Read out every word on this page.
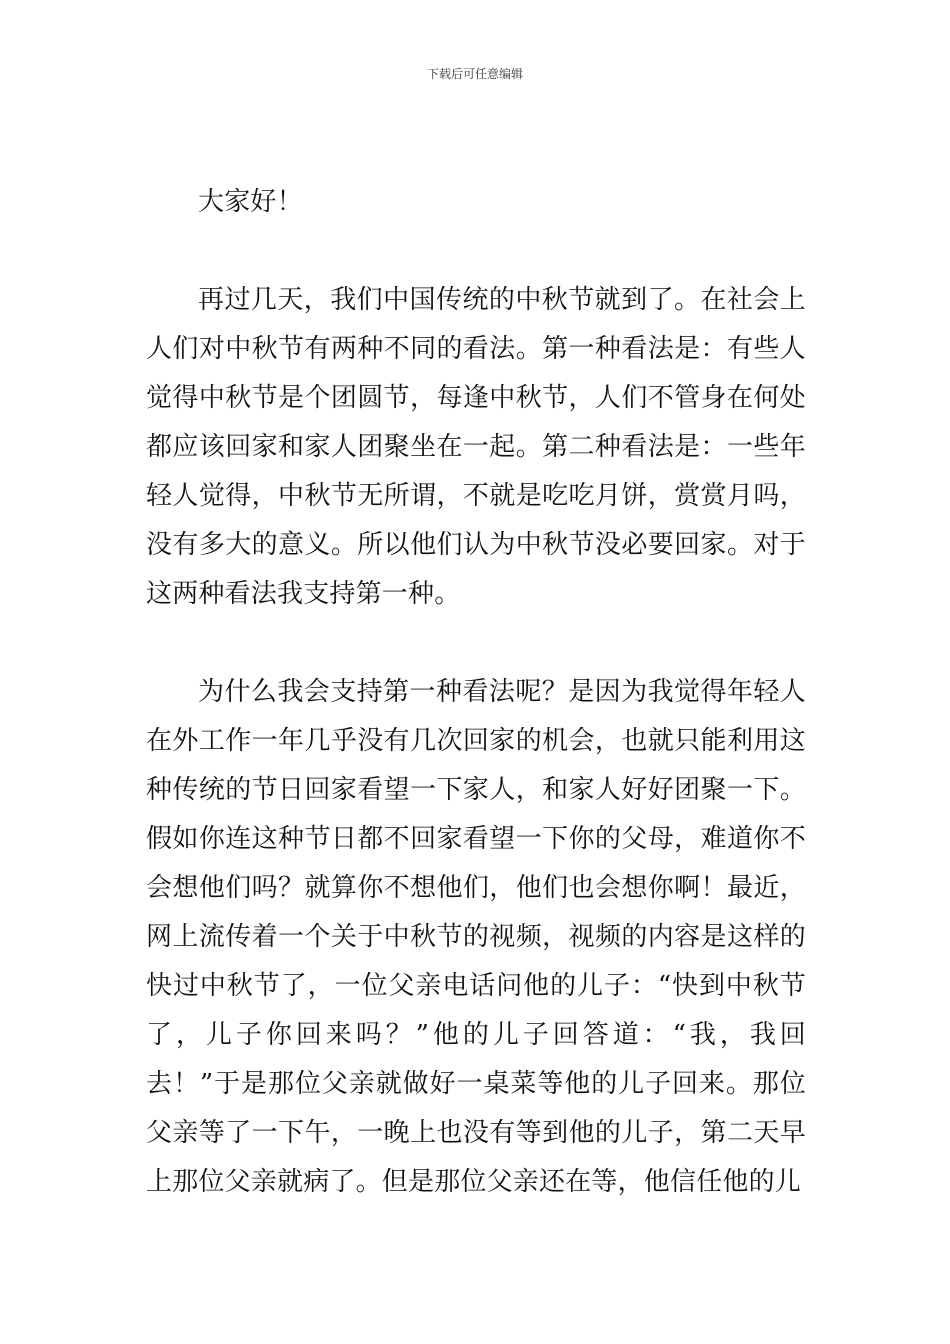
下载后可任意编辑
大家好！
再过几天，我们中国传统的中秋节就到了。在社会上
人们对中秋节有两种不同的看法。第一种看法是：有些人
觉得中秋节是个团圆节，每逢中秋节，人们不管身在何处
都应该回家和家人团聚坐在一起。第二种看法是：一些年
轻人觉得，中秋节无所谓，不就是吃吃月饼，赏赏月吗，
没有多大的意义。所以他们认为中秋节没必要回家。对于
这两种看法我支持第一种。
为什么我会支持第一种看法呢？是因为我觉得年轻人
在外工作一年几乎没有几次回家的机会，也就只能利用这
种传统的节日回家看望一下家人，和家人好好团聚一下。
假如你连这种节日都不回家看望一下你的父母，难道你不
会想他们吗？就算你不想他们，他们也会想你啊！最近，
网上流传着一个关于中秋节的视频，视频的内容是这样的
快过中秋节了，一位父亲电话问他的儿子：“快到中秋节
了，儿子你回来吗？”他的儿子回答道：“我，我回
去！”于是那位父亲就做好一桌菜等他的儿子回来。那位
父亲等了一下午，一晚上也没有等到他的儿子，第二天早
上那位父亲就病了。但是那位父亲还在等，他信任他的儿
